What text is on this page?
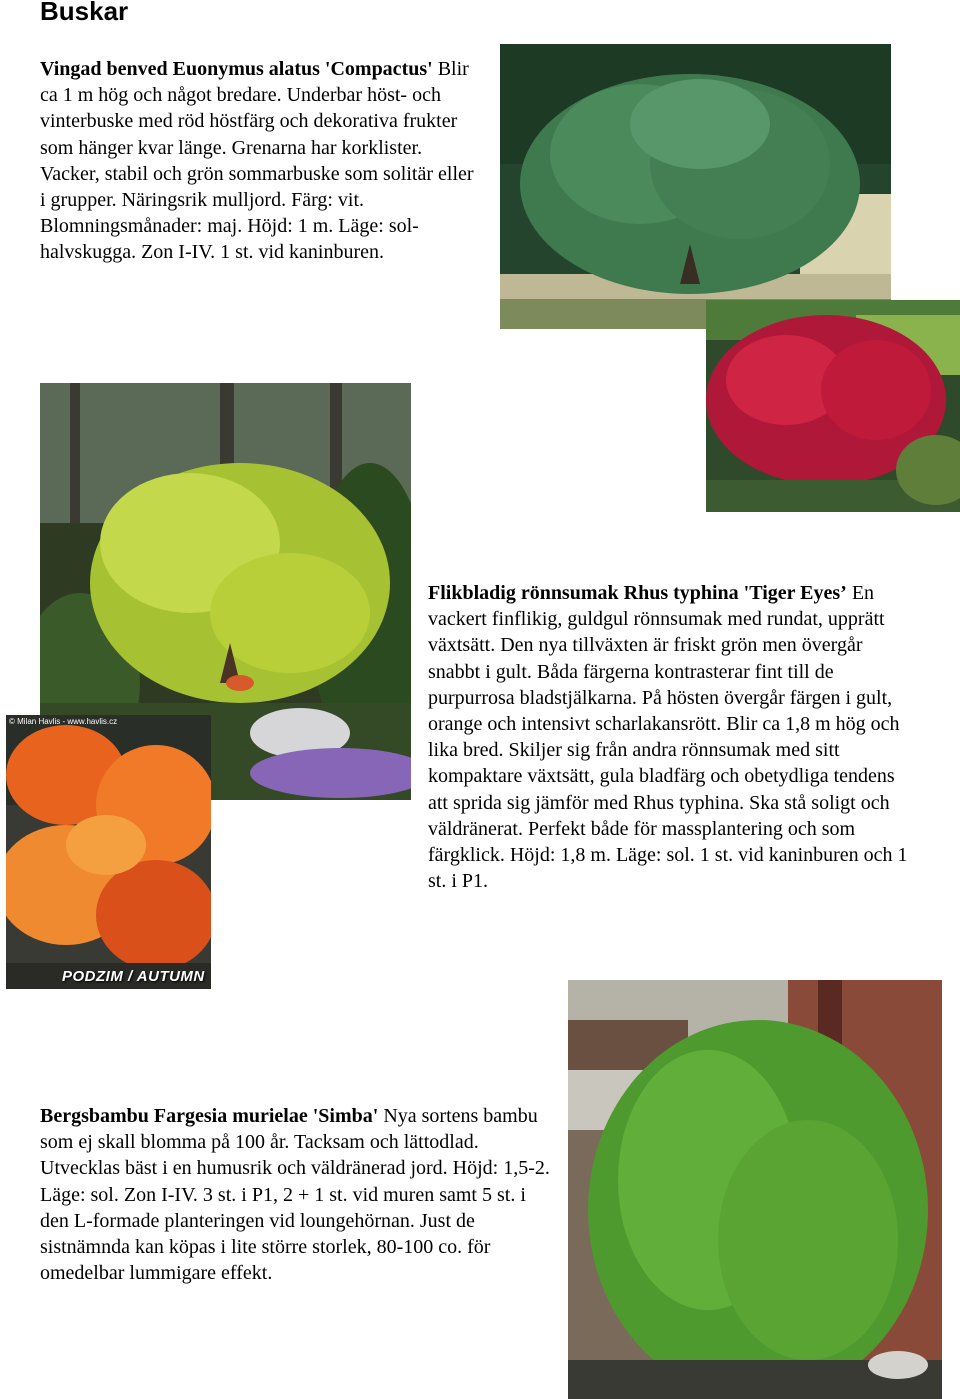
Buskar

Vingad benved Euonymus alatus 'Compactus' Blir ca 1 m hög och något bredare. Underbar höst- och vinterbuske med röd höstfärg och dekorativa frukter som hänger kvar länge. Grenarna har korklister. Vacker, stabil och grön sommarbuske som solitär eller i grupper. Näringsrik mulljord. Färg: vit. Blomningsmånader: maj. Höjd: 1 m. Läge: sol-halvskugga. Zon I-IV. 1 st. vid kaninburen.

© Milan Havlis - www.havlis.cz
PODZIM / AUTUMN

Flikbladig rönnsumak Rhus typhina 'Tiger Eyes’ En vackert finflikig, guldgul rönnsumak med rundat, upprätt växtsätt. Den nya tillväxten är friskt grön men övergår snabbt i gult. Båda färgerna kontrasterar fint till de purpurrosa bladstjälkarna. På hösten övergår färgen i gult, orange och intensivt scharlakansrött. Blir ca 1,8 m hög och lika bred. Skiljer sig från andra rönnsumak med sitt kompaktare växtsätt, gula bladfärg och obetydliga tendens att sprida sig jämför med Rhus typhina. Ska stå soligt och väldränerat. Perfekt både för massplantering och som färgklick. Höjd: 1,8 m. Läge: sol. 1 st. vid kaninburen och 1 st. i P1.

Bergsbambu Fargesia murielae 'Simba' Nya sortens bambu som ej skall blomma på 100 år. Tacksam och lättodlad. Utvecklas bäst i en humusrik och väldränerad jord. Höjd: 1,5-2. Läge: sol. Zon I-IV. 3 st. i P1, 2 + 1 st. vid muren samt 5 st. i den L-formade planteringen vid loungehörnan. Just de sistnämnda kan köpas i lite större storlek, 80-100 co. för omedelbar lummigare effekt.
